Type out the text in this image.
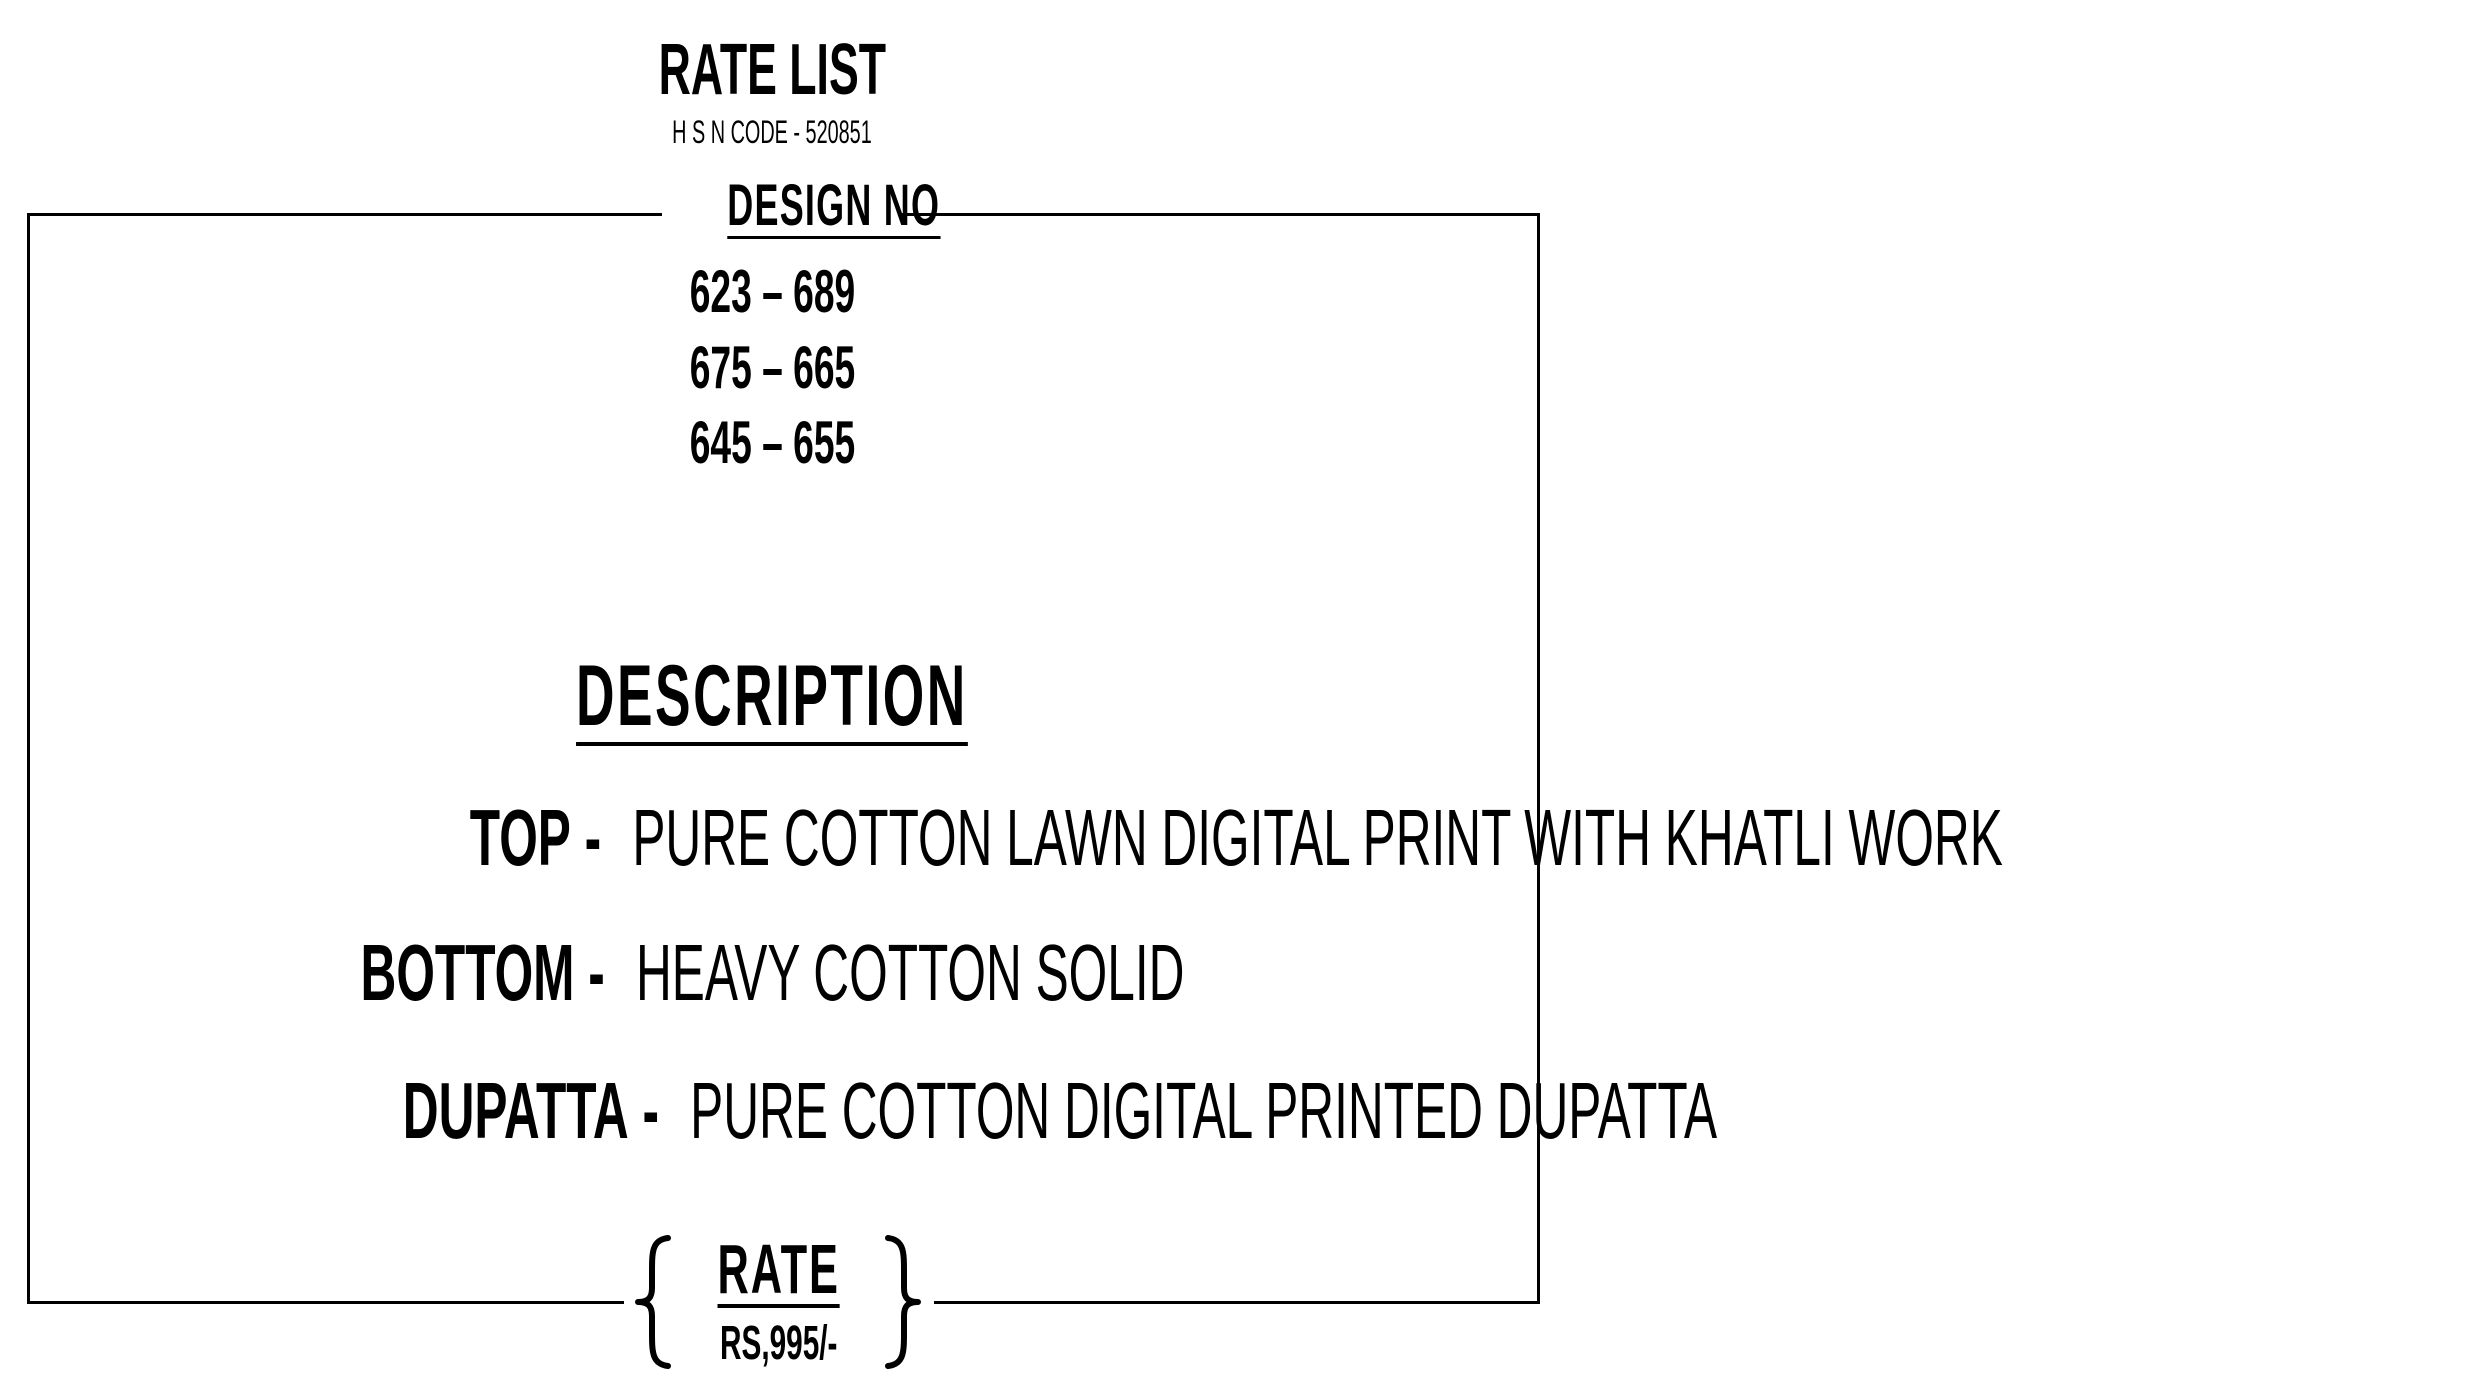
RATE LIST
H S N CODE - 520851
DESIGN NO
623 – 689
675 – 665
645 – 655
DESCRIPTION
TOP - PURE COTTON LAWN DIGITAL PRINT WITH KHATLI WORK
BOTTOM - HEAVY COTTON SOLID
DUPATTA - PURE COTTON DIGITAL PRINTED DUPATTA
RATE
RS,995/-
